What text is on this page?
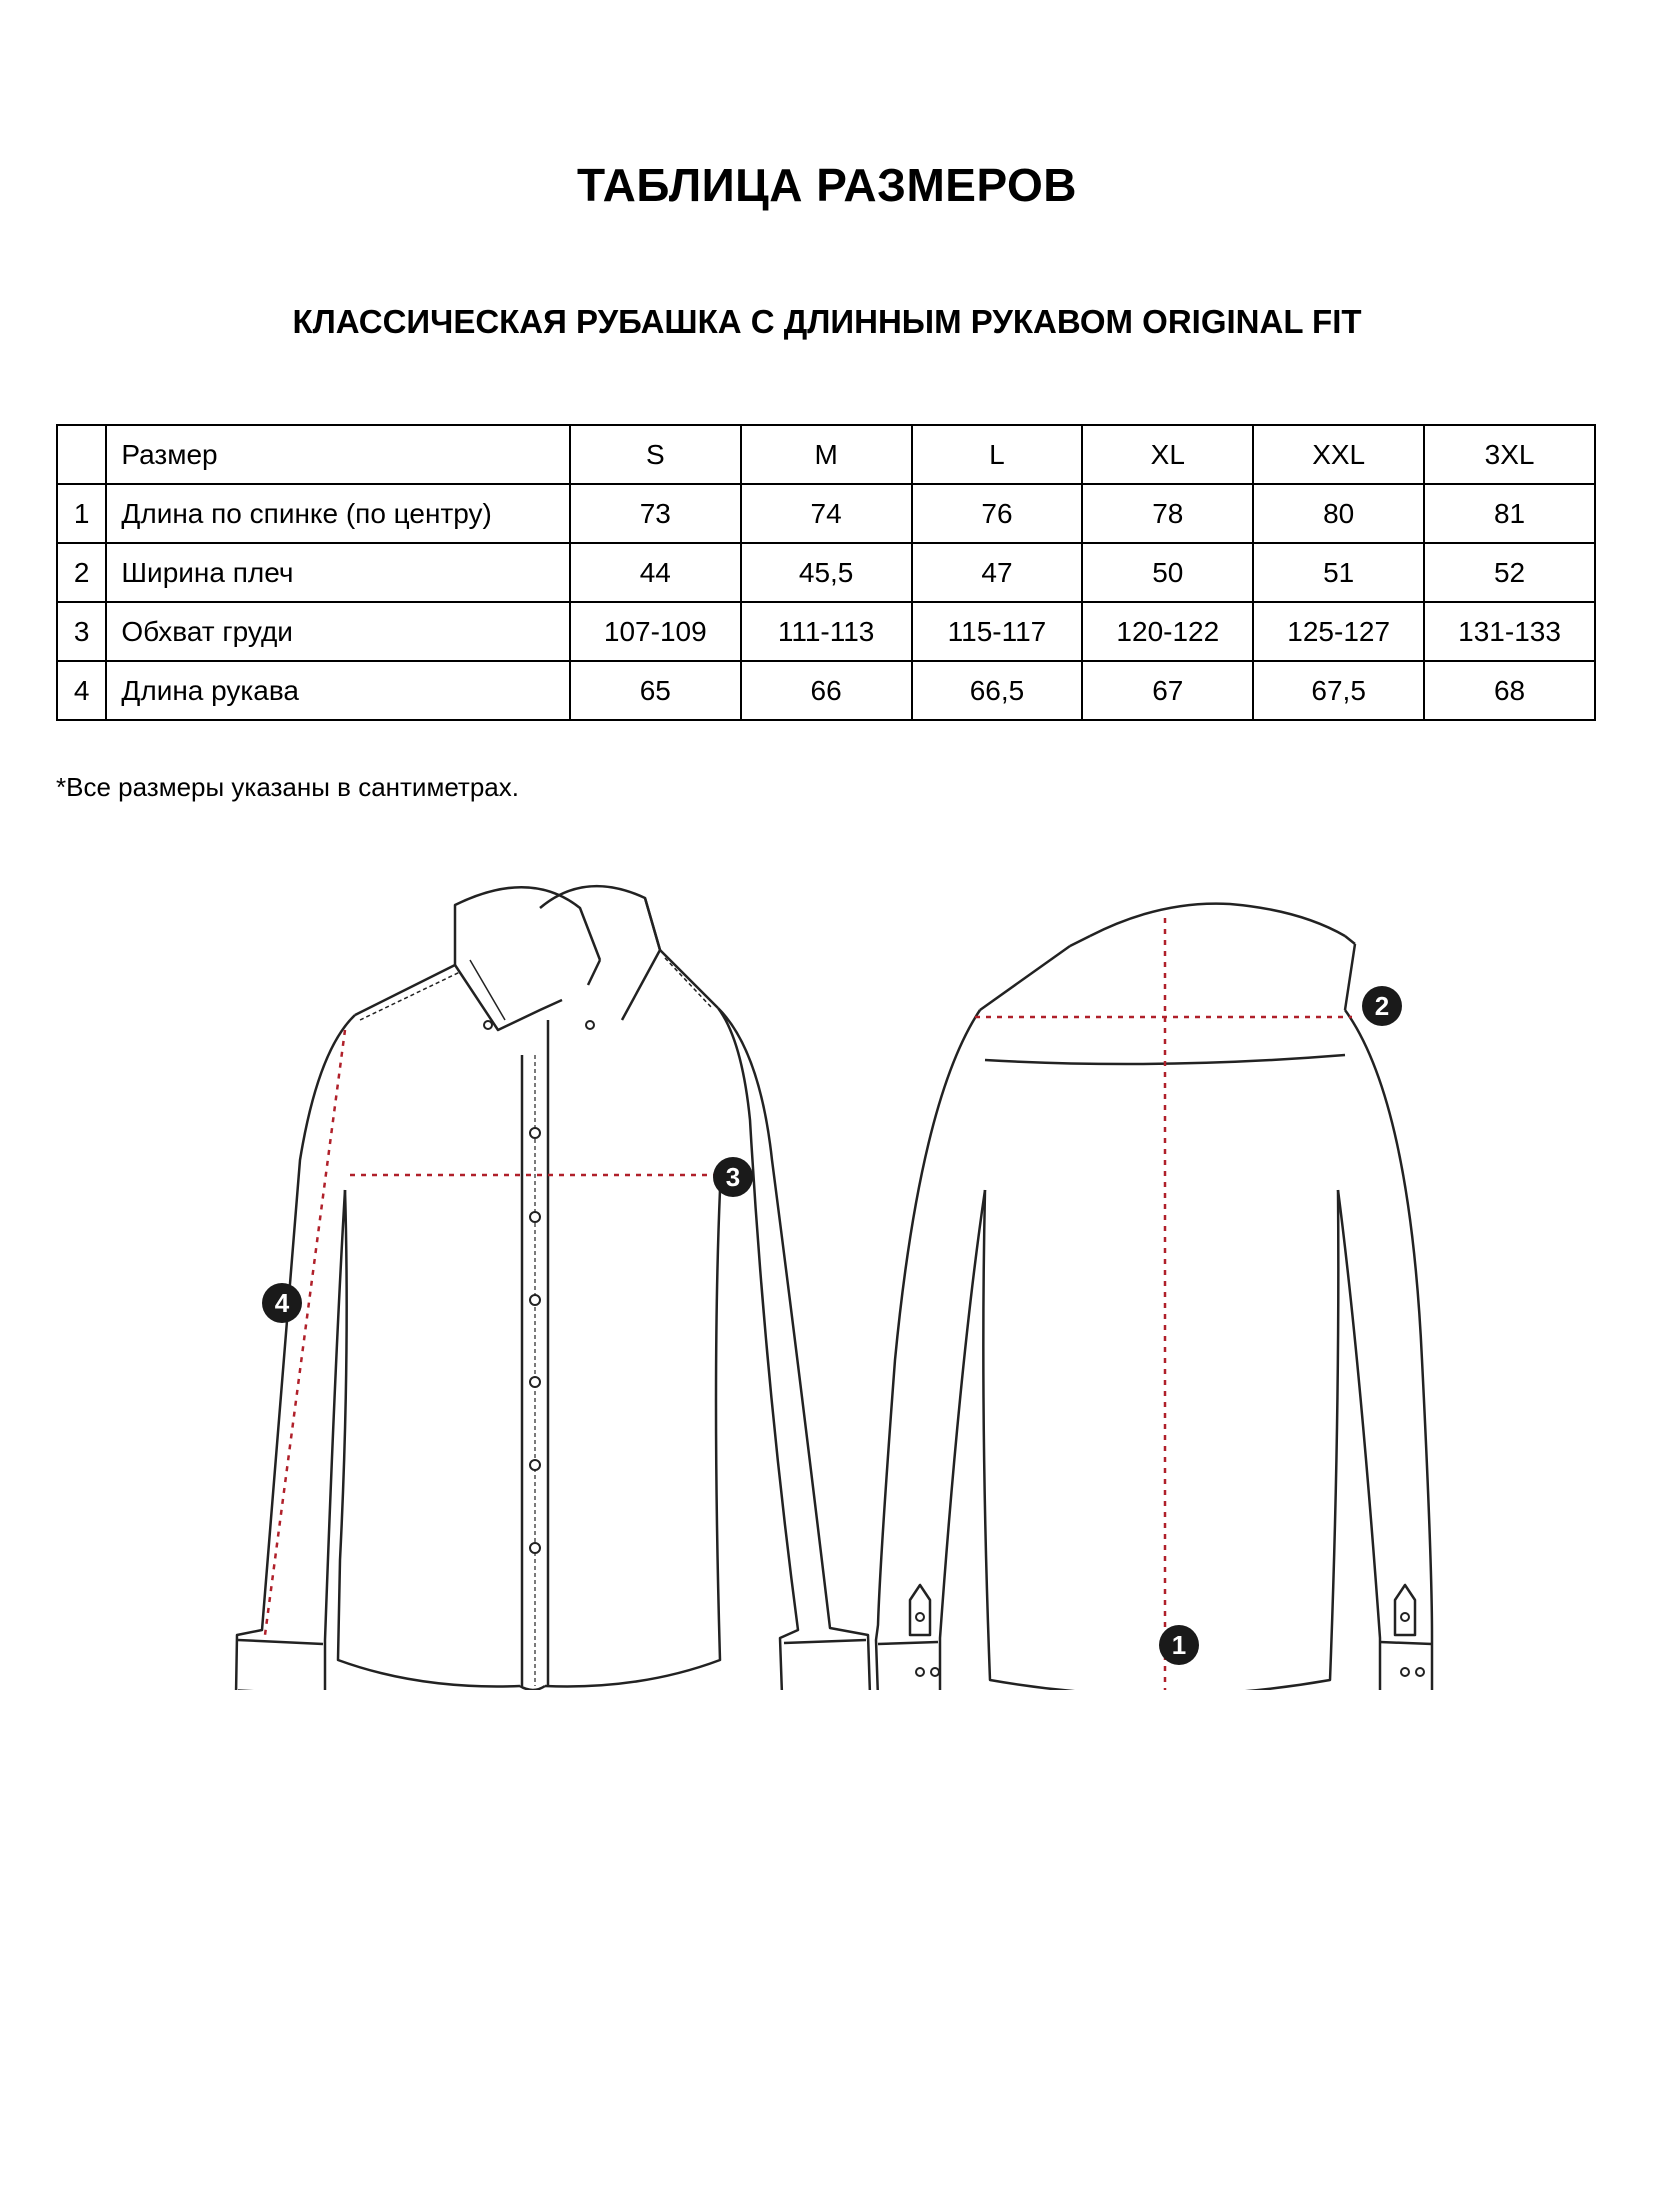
ТАБЛИЦА РАЗМЕРОВ
КЛАССИЧЕСКАЯ РУБАШКА С ДЛИННЫМ РУКАВОМ ORIGINAL FIT
	Размер	S	M	L	XL	XXL	3XL
1	Длина по спинке (по центру)	73	74	76	78	80	81
2	Ширина плеч	44	45,5	47	50	51	52
3	Обхват груди	107-109	111-113	115-117	120-122	125-127	131-133
4	Длина рукава	65	66	66,5	67	67,5	68
*Все размеры указаны в сантиметрах.
1
2
3
4
